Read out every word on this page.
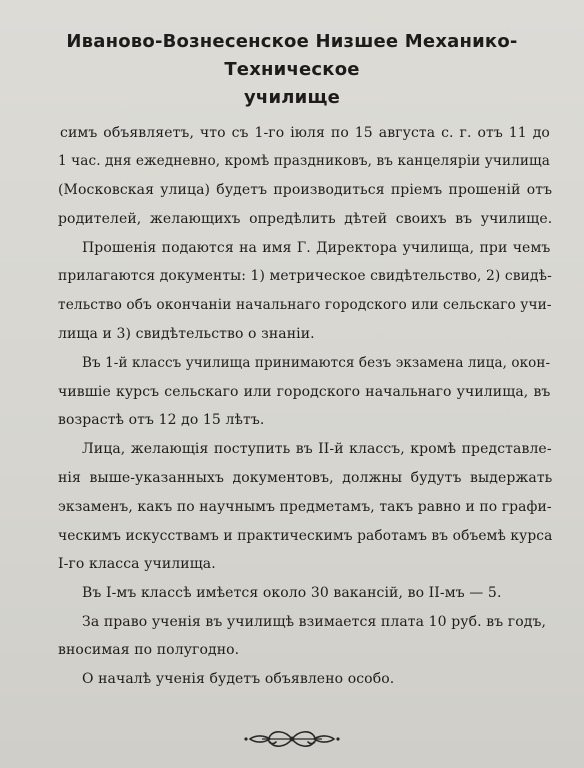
Иваново-Вознесенское Низшее Механико-Техническое
училище
симъ объявляетъ, что съ 1-го іюля по 15 августа с. г. отъ 11 до
1 час. дня ежедневно, кромѣ праздниковъ, въ канцеляріи училища
(Московская улица) будетъ производиться пріемъ прошеній отъ
родителей, желающихъ опредѣлить дѣтей своихъ въ училище.
Прошенія подаются на имя Г. Директора училища, при чемъ
прилагаются документы: 1) метрическое свидѣтельство, 2) свидѣ-
тельство объ окончаніи начальнаго городского или сельскаго учи-
лища и 3) свидѣтельство о знаніи.
Въ 1-й классъ училища принимаются безъ экзамена лица, окон-
чившіе курсъ сельскаго или городского начальнаго училища, въ
возрастѣ отъ 12 до 15 лѣтъ.
Лица, желающія поступить въ II-й классъ, кромѣ представле-
нія выше-указанныхъ документовъ, должны будутъ выдержать
экзаменъ, какъ по научнымъ предметамъ, такъ равно и по графи-
ческимъ искусствамъ и практическимъ работамъ въ объемѣ курса
I-го класса училища.
Въ I-мъ классѣ имѣется около 30 вакансій, во II-мъ — 5.
За право ученія въ училищѣ взимается плата 10 руб. въ годъ,
вносимая по полугодно.
О началѣ ученія будетъ объявлено особо.
